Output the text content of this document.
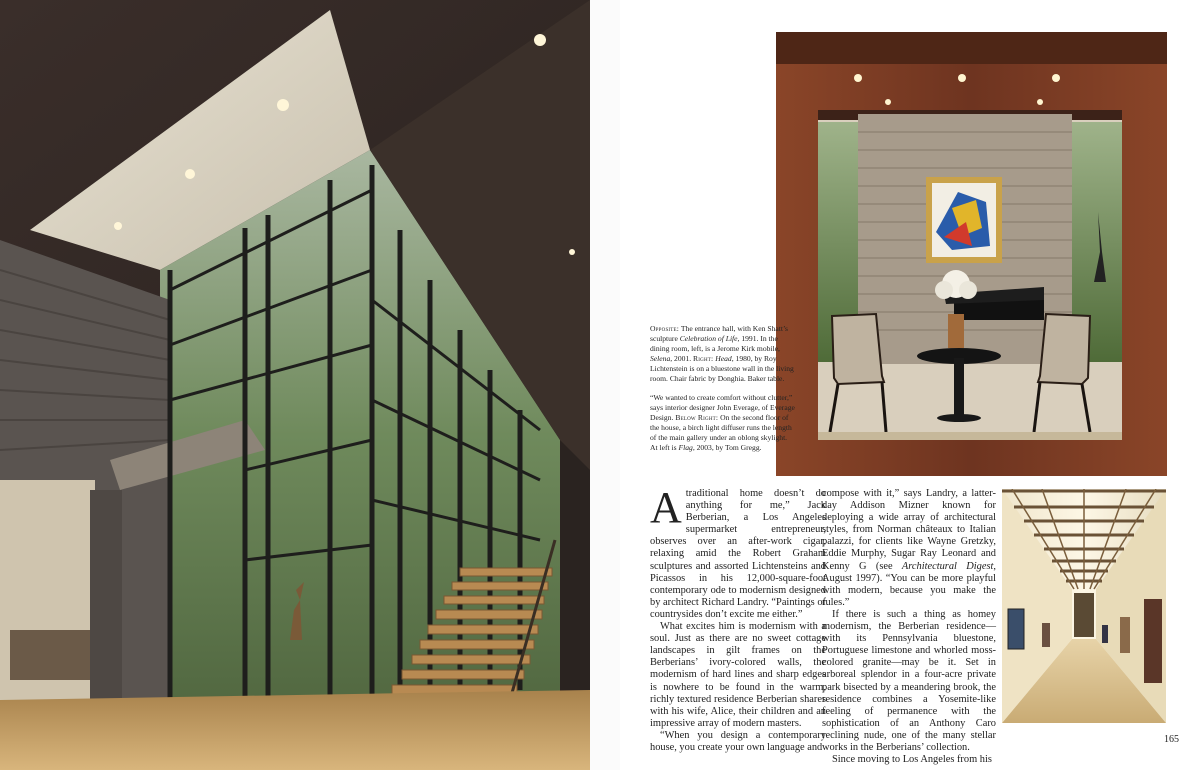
Opposite: The entrance hall, with Ken Shatt’s sculpture Celebration of Life, 1991. In the dining room, left, is a Jerome Kirk mobile, Selena, 2001. Right: Head, 1980, by Roy Lichtenstein is on a bluestone wall in the living room. Chair fabric by Donghia. Baker table.

“We wanted to create comfort without clutter,” says interior designer John Everage, of Everage Design. Below Right: On the second floor of the house, a birch light diffuser runs the length of the main gallery under an oblong skylight. At left is Flag, 2003, by Tom Gregg.

Atraditional home doesn’t do anything for me,” Jack Berberian, a Los Angeles supermarket entrepreneur, observes over an after-work cigar, relaxing amid the Robert Graham sculptures and assorted Lichtensteins and Picassos in his 12,000-square-foot contemporary ode to modernism designed by architect Richard Landry. “Paintings of countrysides don’t excite me either.”

What excites him is modernism with a soul. Just as there are no sweet cottage landscapes in gilt frames on the Berberians’ ivory-colored walls, the modernism of hard lines and sharp edges is nowhere to be found in the warm, richly textured residence Berberian shares with his wife, Alice, their children and an impressive array of modern masters.

“When you design a contemporary house, you create your own language and

compose with it,” says Landry, a latter-day Addison Mizner known for deploying a wide array of architectural styles, from Norman châteaux to Italian palazzi, for clients like Wayne Gretzky, Eddie Murphy, Sugar Ray Leonard and Kenny G (see Architectural Digest, August 1997). “You can be more playful with modern, because you make the rules.”

If there is such a thing as homey modernism, the Berberian residence—with its Pennsylvania bluestone, Portuguese limestone and whorled moss-colored granite—may be it. Set in arboreal splendor in a four-acre private park bisected by a meandering brook, the residence combines a Yosemite-like feeling of permanence with the sophistication of an Anthony Caro reclining nude, one of the many stellar works in the Berberians’ collection.

Since moving to Los Angeles from his

165
